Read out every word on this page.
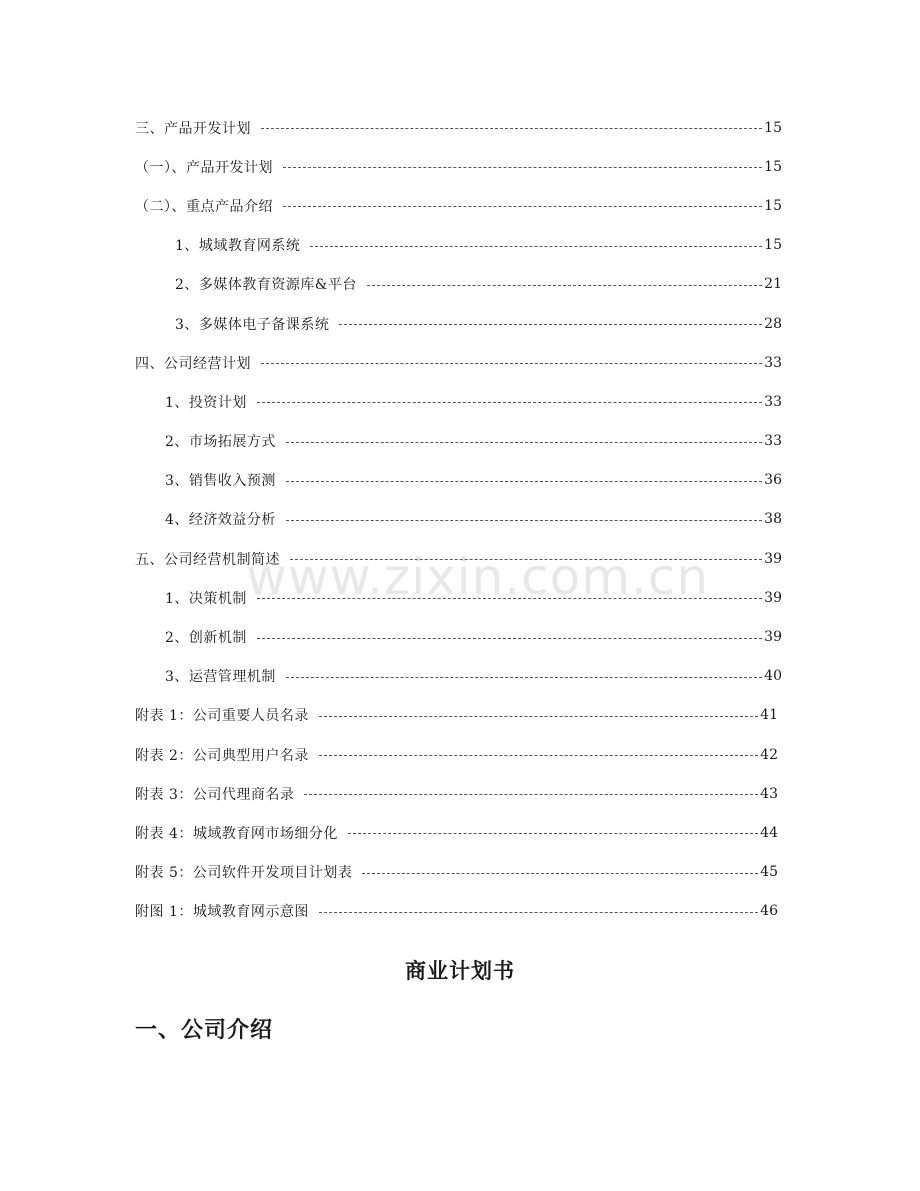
三、产品开发计划	15
（一）、产品开发计划	15
（二）、重点产品介绍	15
1、城域教育网系统	15
2、多媒体教育资源库&平台	21
3、多媒体电子备课系统	28
四、公司经营计划	33
1、投资计划	33
2、市场拓展方式	33
3、销售收入预测	36
4、经济效益分析	38
五、公司经营机制简述	39
1、决策机制	39
2、创新机制	39
3、运营管理机制	40
附表 1：公司重要人员名录	41
附表 2：公司典型用户名录	42
附表 3：公司代理商名录	43
附表 4：城域教育网市场细分化	44
附表 5：公司软件开发项目计划表	45
附图 1：城域教育网示意图	46
www.zixin.com.cn
商业计划书
一、公司介绍
